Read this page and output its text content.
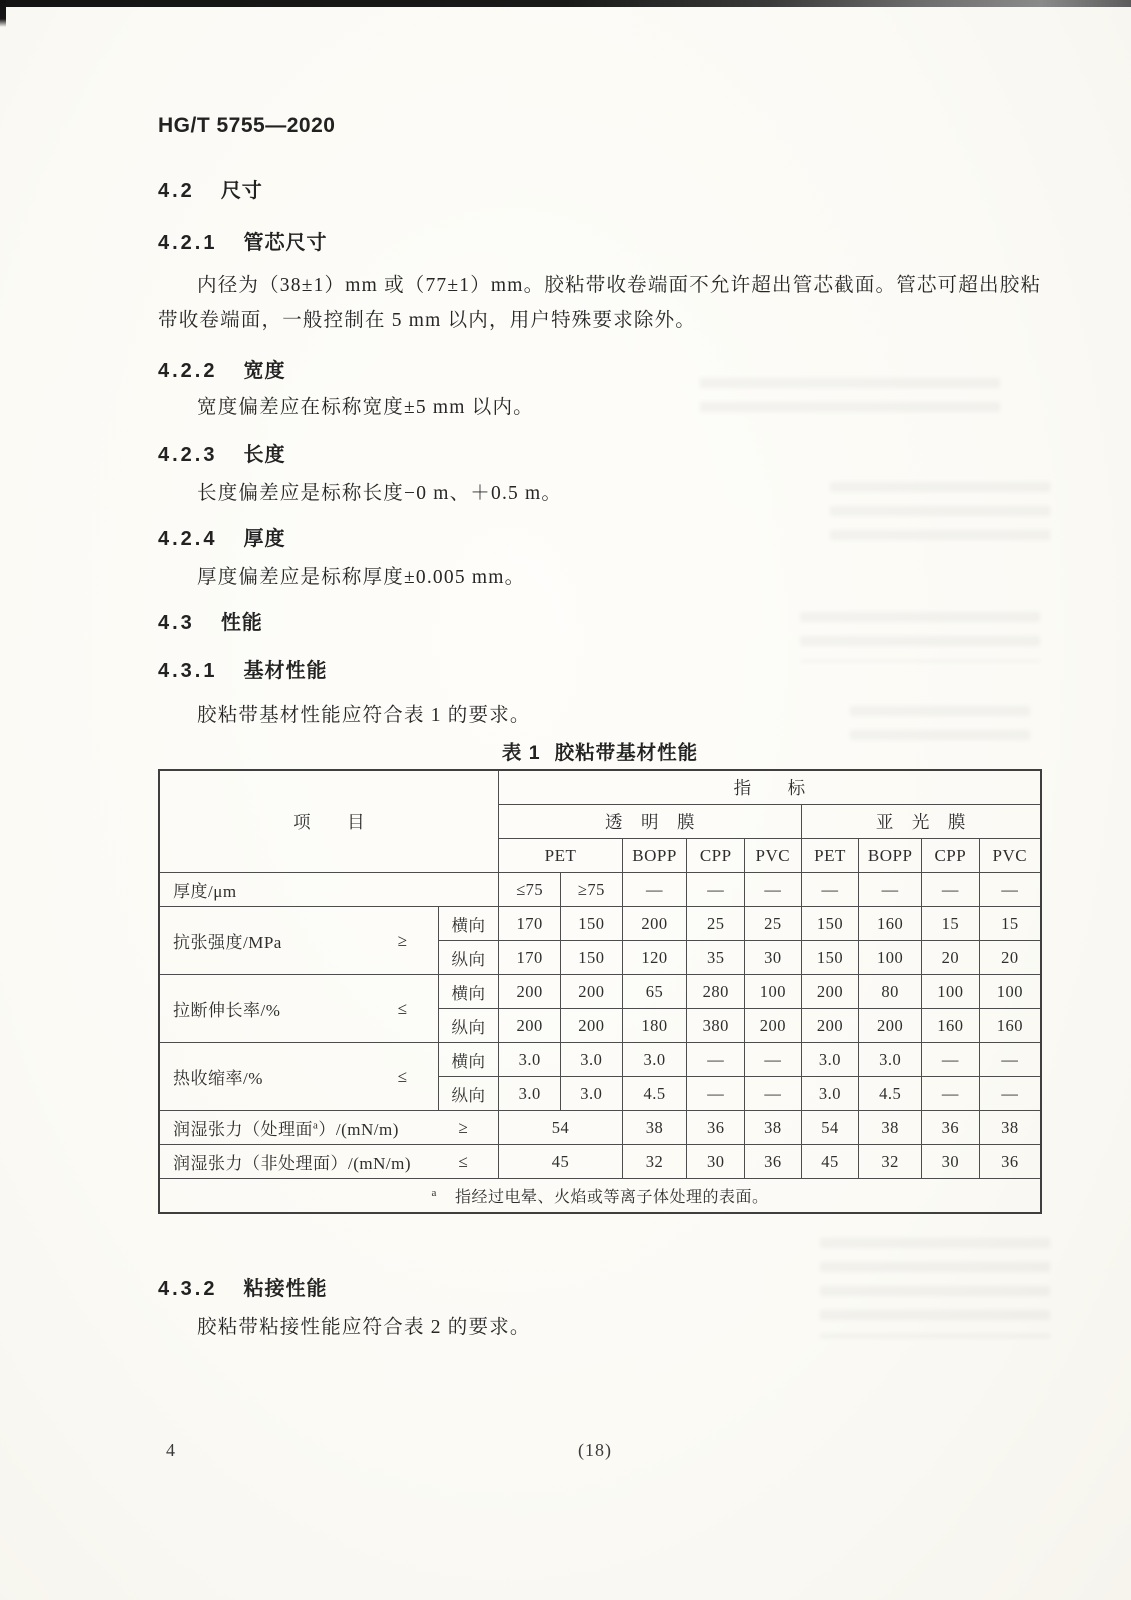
HG/T 5755—2020
4.2 尺寸
4.2.1 管芯尺寸
内径为（38±1）mm 或（77±1）mm。胶粘带收卷端面不允许超出管芯截面。管芯可超出胶粘带收卷端面，一般控制在 5 mm 以内，用户特殊要求除外。
4.2.2 宽度
宽度偏差应在标称宽度±5 mm 以内。
4.2.3 长度
长度偏差应是标称长度−0 m、＋0.5 m。
4.2.4 厚度
厚度偏差应是标称厚度±0.005 mm。
4.3 性能
4.3.1 基材性能
胶粘带基材性能应符合表 1 的要求。
表 1 胶粘带基材性能
项　　目		指　　标								
		透　明　膜					亚　光　膜			
		PET		BOPP	CPP	PVC	PET	BOPP	CPP	PVC

厚度/μm		≤75	≥75	—	—	—	—	—	—	—

抗张强度/MPa ≥	横向	170	150	200	25	25	150	160	15	15
	纵向	170	150	120	35	30	150	100	20	20

拉断伸长率/% ≤	横向	200	200	65	280	100	200	80	100	100
	纵向	200	200	180	380	200	200	200	160	160

热收缩率/% ≤	横向	3.0	3.0	3.0	—	—	3.0	3.0	—	—
	纵向	3.0	3.0	4.5	—	—	3.0	4.5	—	—

润湿张力（处理面$^a$）/(mN/m) ≥		54		38	36	38	54	38	36	38

润湿张力（非处理面）/(mN/m) ≤		45		32	30	36	45	32	30	36
$^a$ 指经过电晕、火焰或等离子体处理的表面。										
4.3.2 粘接性能
胶粘带粘接性能应符合表 2 的要求。
4	(18)
